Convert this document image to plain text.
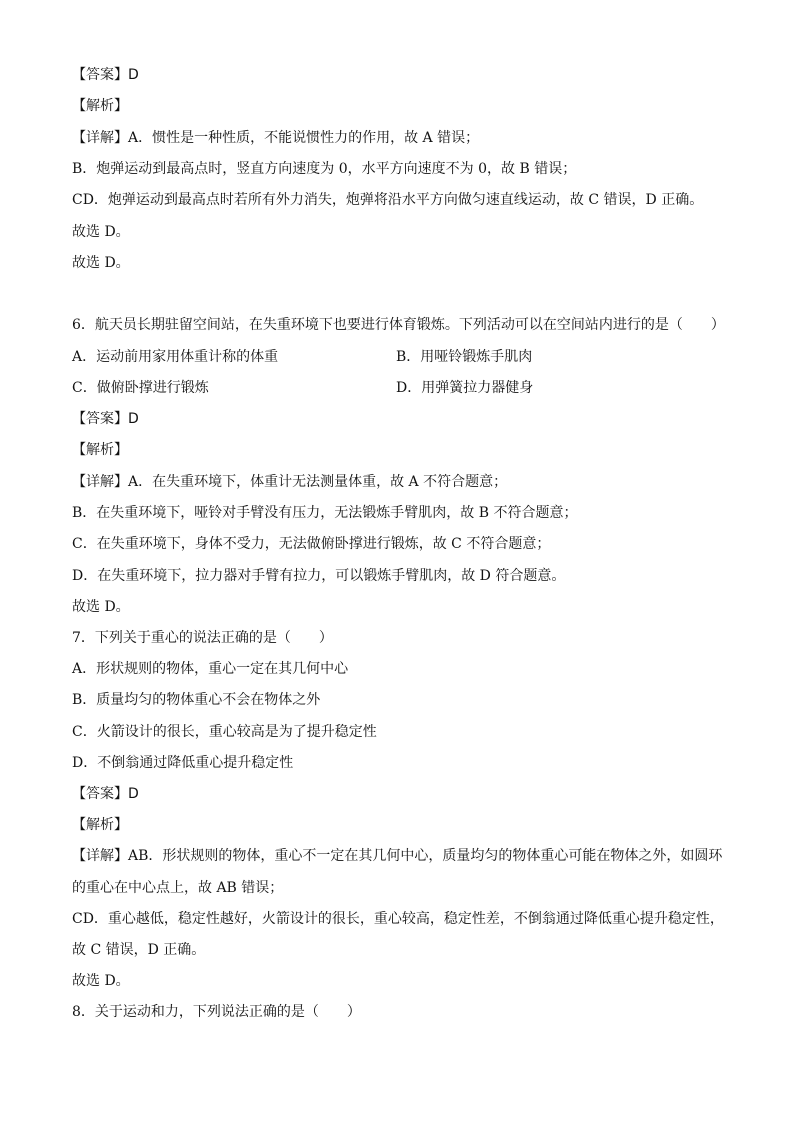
【答案】D
【解析】
【详解】A．惯性是一种性质，不能说惯性力的作用，故 A 错误；
B．炮弹运动到最高点时，竖直方向速度为 0，水平方向速度不为 0，故 B 错误；
CD．炮弹运动到最高点时若所有外力消失，炮弹将沿水平方向做匀速直线运动，故 C 错误，D 正确。
故选 D。
故选 D。
6．航天员长期驻留空间站，在失重环境下也要进行体育锻炼。下列活动可以在空间站内进行的是（　　）
A．运动前用家用体重计称的体重	B．用哑铃锻炼手肌肉
C．做俯卧撑进行锻炼	D．用弹簧拉力器健身
【答案】D
【解析】
【详解】A．在失重环境下，体重计无法测量体重，故 A 不符合题意；
B．在失重环境下，哑铃对手臂没有压力，无法锻炼手臂肌肉，故 B 不符合题意；
C．在失重环境下，身体不受力，无法做俯卧撑进行锻炼，故 C 不符合题意；
D．在失重环境下，拉力器对手臂有拉力，可以锻炼手臂肌肉，故 D 符合题意。
故选 D。
7．下列关于重心的说法正确的是（　　）
A．形状规则的物体，重心一定在其几何中心
B．质量均匀的物体重心不会在物体之外
C．火箭设计的很长，重心较高是为了提升稳定性
D．不倒翁通过降低重心提升稳定性
【答案】D
【解析】
【详解】AB．形状规则的物体，重心不一定在其几何中心，质量均匀的物体重心可能在物体之外，如圆环
的重心在中心点上，故 AB 错误；
CD．重心越低，稳定性越好，火箭设计的很长，重心较高，稳定性差，不倒翁通过降低重心提升稳定性，
故 C 错误，D 正确。
故选 D。
8．关于运动和力，下列说法正确的是（　　）
